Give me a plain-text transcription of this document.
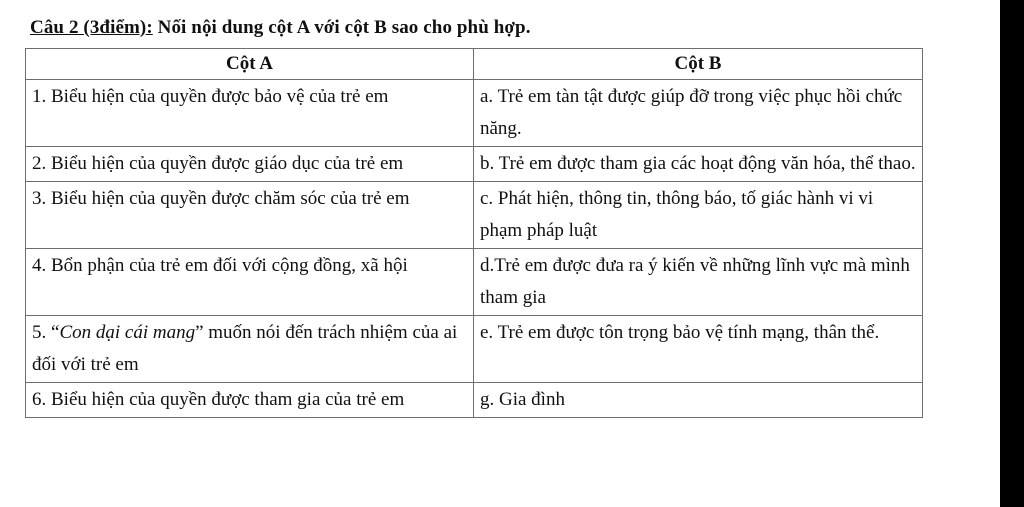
Câu 2 (3điểm): Nối nội dung cột A với cột B sao cho phù hợp.
Cột A	Cột B
1. Biểu hiện của quyền được bảo vệ của trẻ em	a. Trẻ em tàn tật được giúp đỡ trong việc phục hồi chức năng.
2. Biểu hiện của quyền được giáo dục của trẻ em	b. Trẻ em được tham gia các hoạt động văn hóa, thể thao.
3. Biểu hiện của quyền được chăm sóc của trẻ em	c. Phát hiện, thông tin, thông báo, tố giác hành vi vi phạm pháp luật
4. Bổn phận của trẻ em đối với cộng đồng, xã hội	d.Trẻ em được đưa ra ý kiến về những lĩnh vực mà mình tham gia
5. “Con dại cái mang” muốn nói đến trách nhiệm của ai đối với trẻ em	e. Trẻ em được tôn trọng bảo vệ tính mạng, thân thể.
6. Biểu hiện của quyền được tham gia của trẻ em	g. Gia đình
